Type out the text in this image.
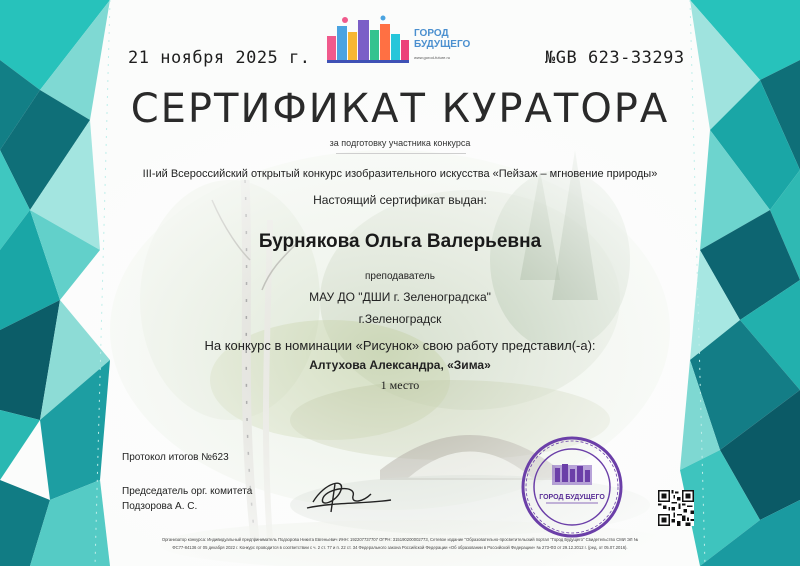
21 ноября 2025 г.	№GB 623-33293
ГОРОД
БУДУЩЕГО
www.gorod-future.ru
СЕРТИФИКАТ КУРАТОРА
за подготовку участника конкурса
III-ий Всероссийский открытый конкурс изобразительного искусства «Пейзаж – мгновение природы»
Настоящий сертификат выдан:
Бурнякова Ольга Валерьевна
преподаватель
МАУ ДО "ДШИ г. Зеленоградска"
г.Зеленоградск
На конкурс в номинации «Рисунок» свою работу представил(-а):
Алтухова Александра, «Зима»
1 место
Протокол итогов №623
Председатель орг. комитета
Подзорова А. С.
ГОРОД БУДУЩЕГО
Организатор конкурса: Индивидуальный предприниматель Подзорова Никита Евгеньевич ИНН: 192207737707 ОГРН: 315190200002773, Сетевое издание "Образовательно-просветительский портал "Город Будущего" Свидетельство СМИ ЭЛ №
ФС77-84136 от 05 декабря 2022 г. Конкурс проводится в соответствии с ч. 2 ст. 77 и п. 22 ст. 34 Федерального закона Российской Федерации «Об образовании в Российской Федерации» № 273-ФЗ от 29.12.2012 г. (ред. от 05.07.2016).
